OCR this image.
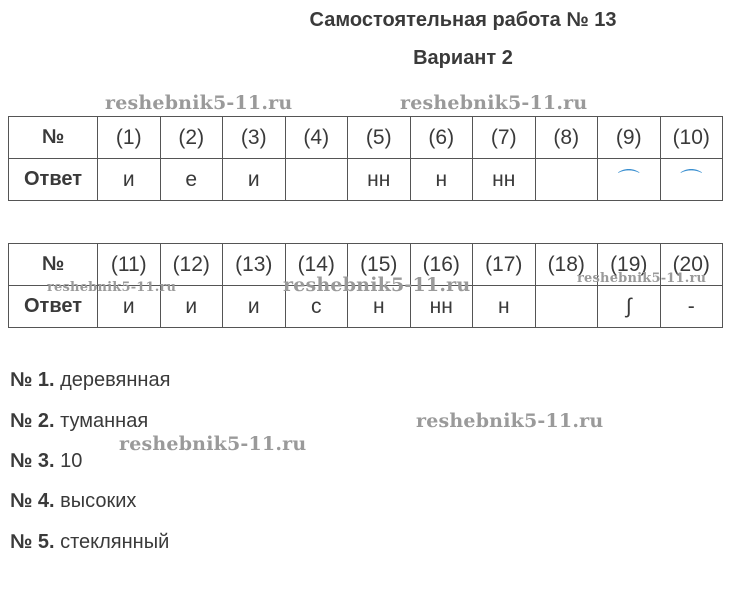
Самостоятельная работа № 13
Вариант 2
№	(1)	(2)	(3)	(4)	(5)	(6)	(7)	(8)	(9)	(10)
Ответ	и	е	и		нн	н	нн		⌒	⌒
№	(11)	(12)	(13)	(14)	(15)	(16)	(17)	(18)	(19)	(20)
Ответ	и	и	и	с	н	нн	н		∫	-
reshebnik5-11.ru	reshebnik5-11.ru
reshebnik5-11.ru
reshebnik5-11.ru
reshebnik5-11.ru
reshebnik5-11.ru
reshebnik5-11.ru
№ 1. деревянная
№ 2. туманная
№ 3. 10
№ 4. высоких
№ 5. стеклянный
